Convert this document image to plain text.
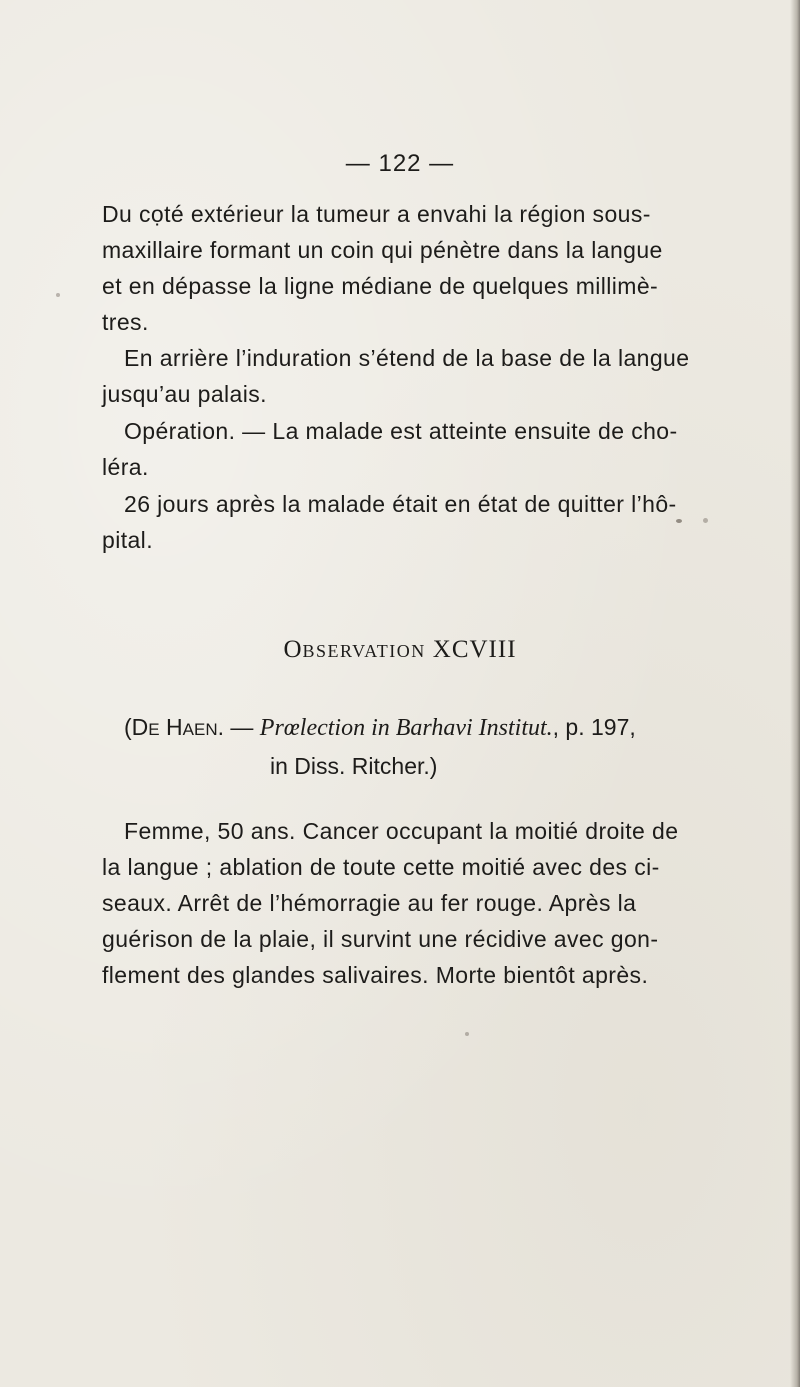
— 122 —
Du cọté extérieur la tumeur a envahi la région sous-
maxillaire formant un coin qui pénètre dans la langue
et en dépasse la ligne médiane de quelques millimè-
tres.
En arrière l’induration s’étend de la base de la langue
jusqu’au palais.
Opération. — La malade est atteinte ensuite de cho-
léra.
26 jours après la malade était en état de quitter l’hô-
pital.
OBSERVATION XCVIII
(DE HAEN. — Prœlection in Barhavi Institut., p. 197,
in Diss. Ritcher.)
Femme, 50 ans. Cancer occupant la moitié droite de
la langue ; ablation de toute cette moitié avec des ci-
seaux. Arrêt de l’hémorragie au fer rouge. Après la
guérison de la plaie, il survint une récidive avec gon-
flement des glandes salivaires. Morte bientôt après.
